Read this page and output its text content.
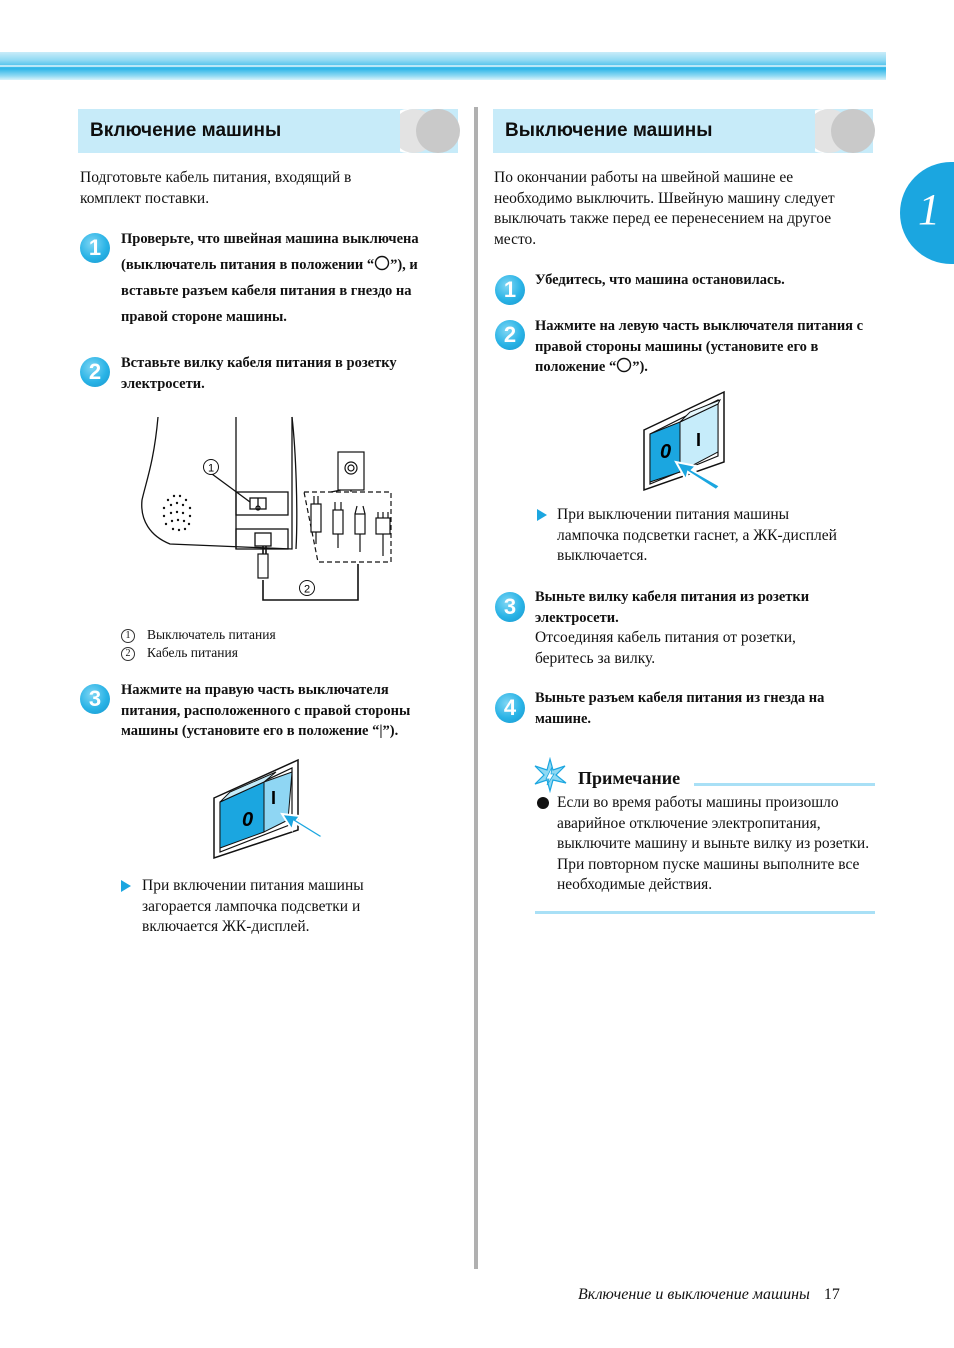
1
Включение машины
Подготовьте кабель питания, входящий в комплект поставки.
1	Проверьте, что швейная машина выключена (выключатель питания в положении “ ”), и вставьте разъем кабеля питания в гнездо на правой стороне машины.
2	Вставьте вилку кабеля питания в розетку электросети.
1
2
1 Выключатель питания
2 Кабель питания
3	Нажмите на правую часть выключателя питания, расположенного с правой стороны машины (установите его в положение “|”).
0
I
При включении питания машины загорается лампочка подсветки и включается ЖК-дисплей.
Выключение машины
По окончании работы на швейной машине ее необходимо выключить. Швейную машину следует выключать также перед ее перенесением на другое место.
1	Убедитесь, что машина остановилась.
2	Нажмите на левую часть выключателя питания с правой стороны машины (установите его в положение “ ”).
0
I
При выключении питания машины лампочка подсветки гаснет, а ЖК-дисплей выключается.
3	Выньте вилку кабеля питания из розетки электросети.
Отсоединяя кабель питания от розетки, беритесь за вилку.
4	Выньте разъем кабеля питания из гнезда на машине.
Примечание
Если во время работы машины произошло аварийное отключение электропитания, выключите машину и выньте вилку из розетки. При повторном пуске машины выполните все необходимые действия.
Включение и выключение машины 17
